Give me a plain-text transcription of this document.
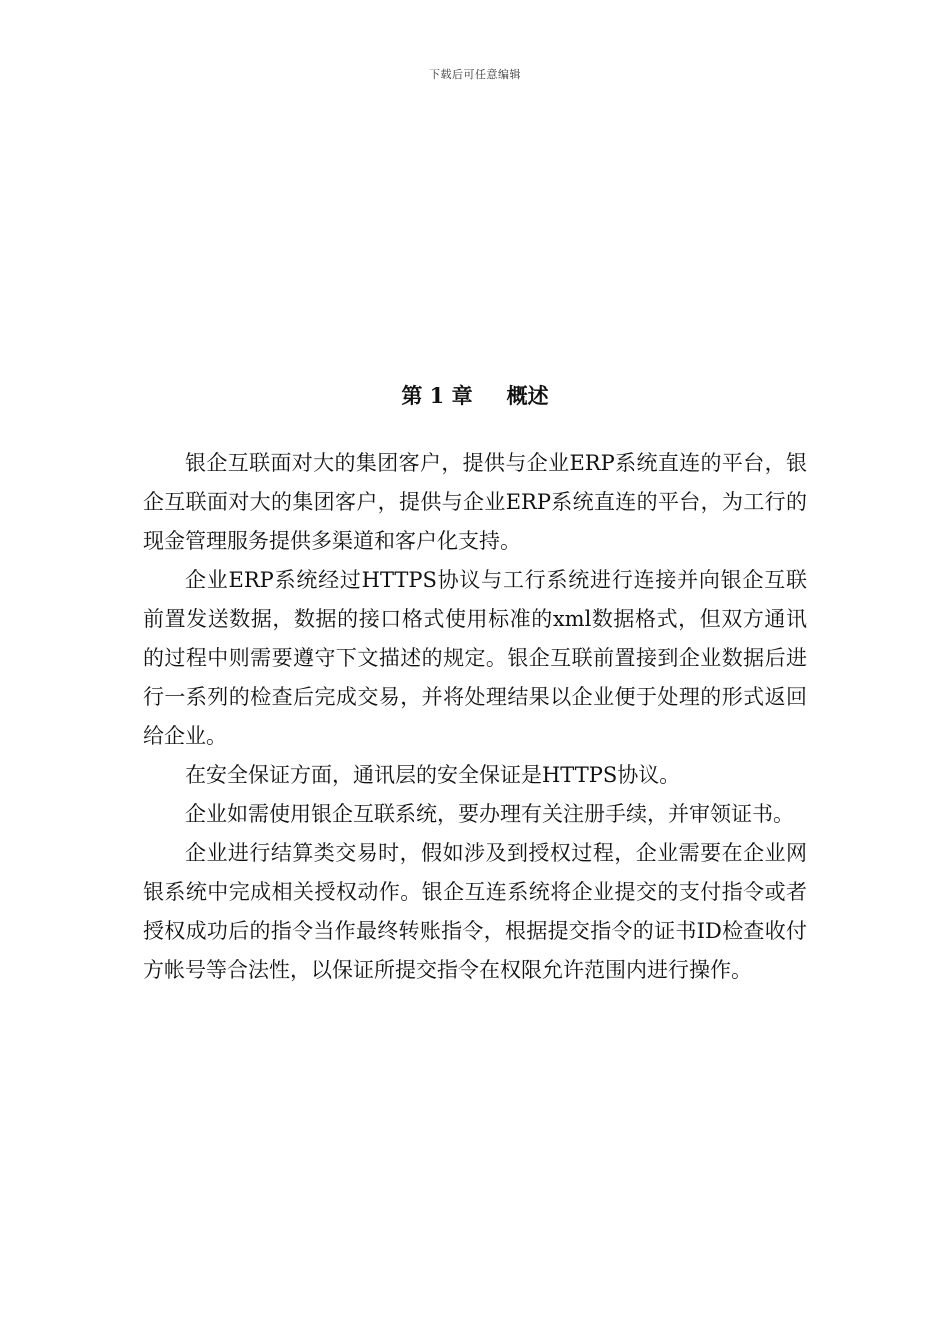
下载后可任意编辑
第 1 章 概述

银企互联面对大的集团客户，提供与企业ERP系统直连的平台，银企互联面对大的集团客户，提供与企业ERP系统直连的平台，为工行的现金管理服务提供多渠道和客户化支持。

企业ERP系统经过HTTPS协议与工行系统进行连接并向银企互联前置发送数据，数据的接口格式使用标准的xml数据格式，但双方通讯的过程中则需要遵守下文描述的规定。银企互联前置接到企业数据后进行一系列的检查后完成交易，并将处理结果以企业便于处理的形式返回给企业。

在安全保证方面，通讯层的安全保证是HTTPS协议。

企业如需使用银企互联系统，要办理有关注册手续，并审领证书。

企业进行结算类交易时，假如涉及到授权过程，企业需要在企业网银系统中完成相关授权动作。银企互连系统将企业提交的支付指令或者授权成功后的指令当作最终转账指令，根据提交指令的证书ID检查收付方帐号等合法性，以保证所提交指令在权限允许范围内进行操作。
